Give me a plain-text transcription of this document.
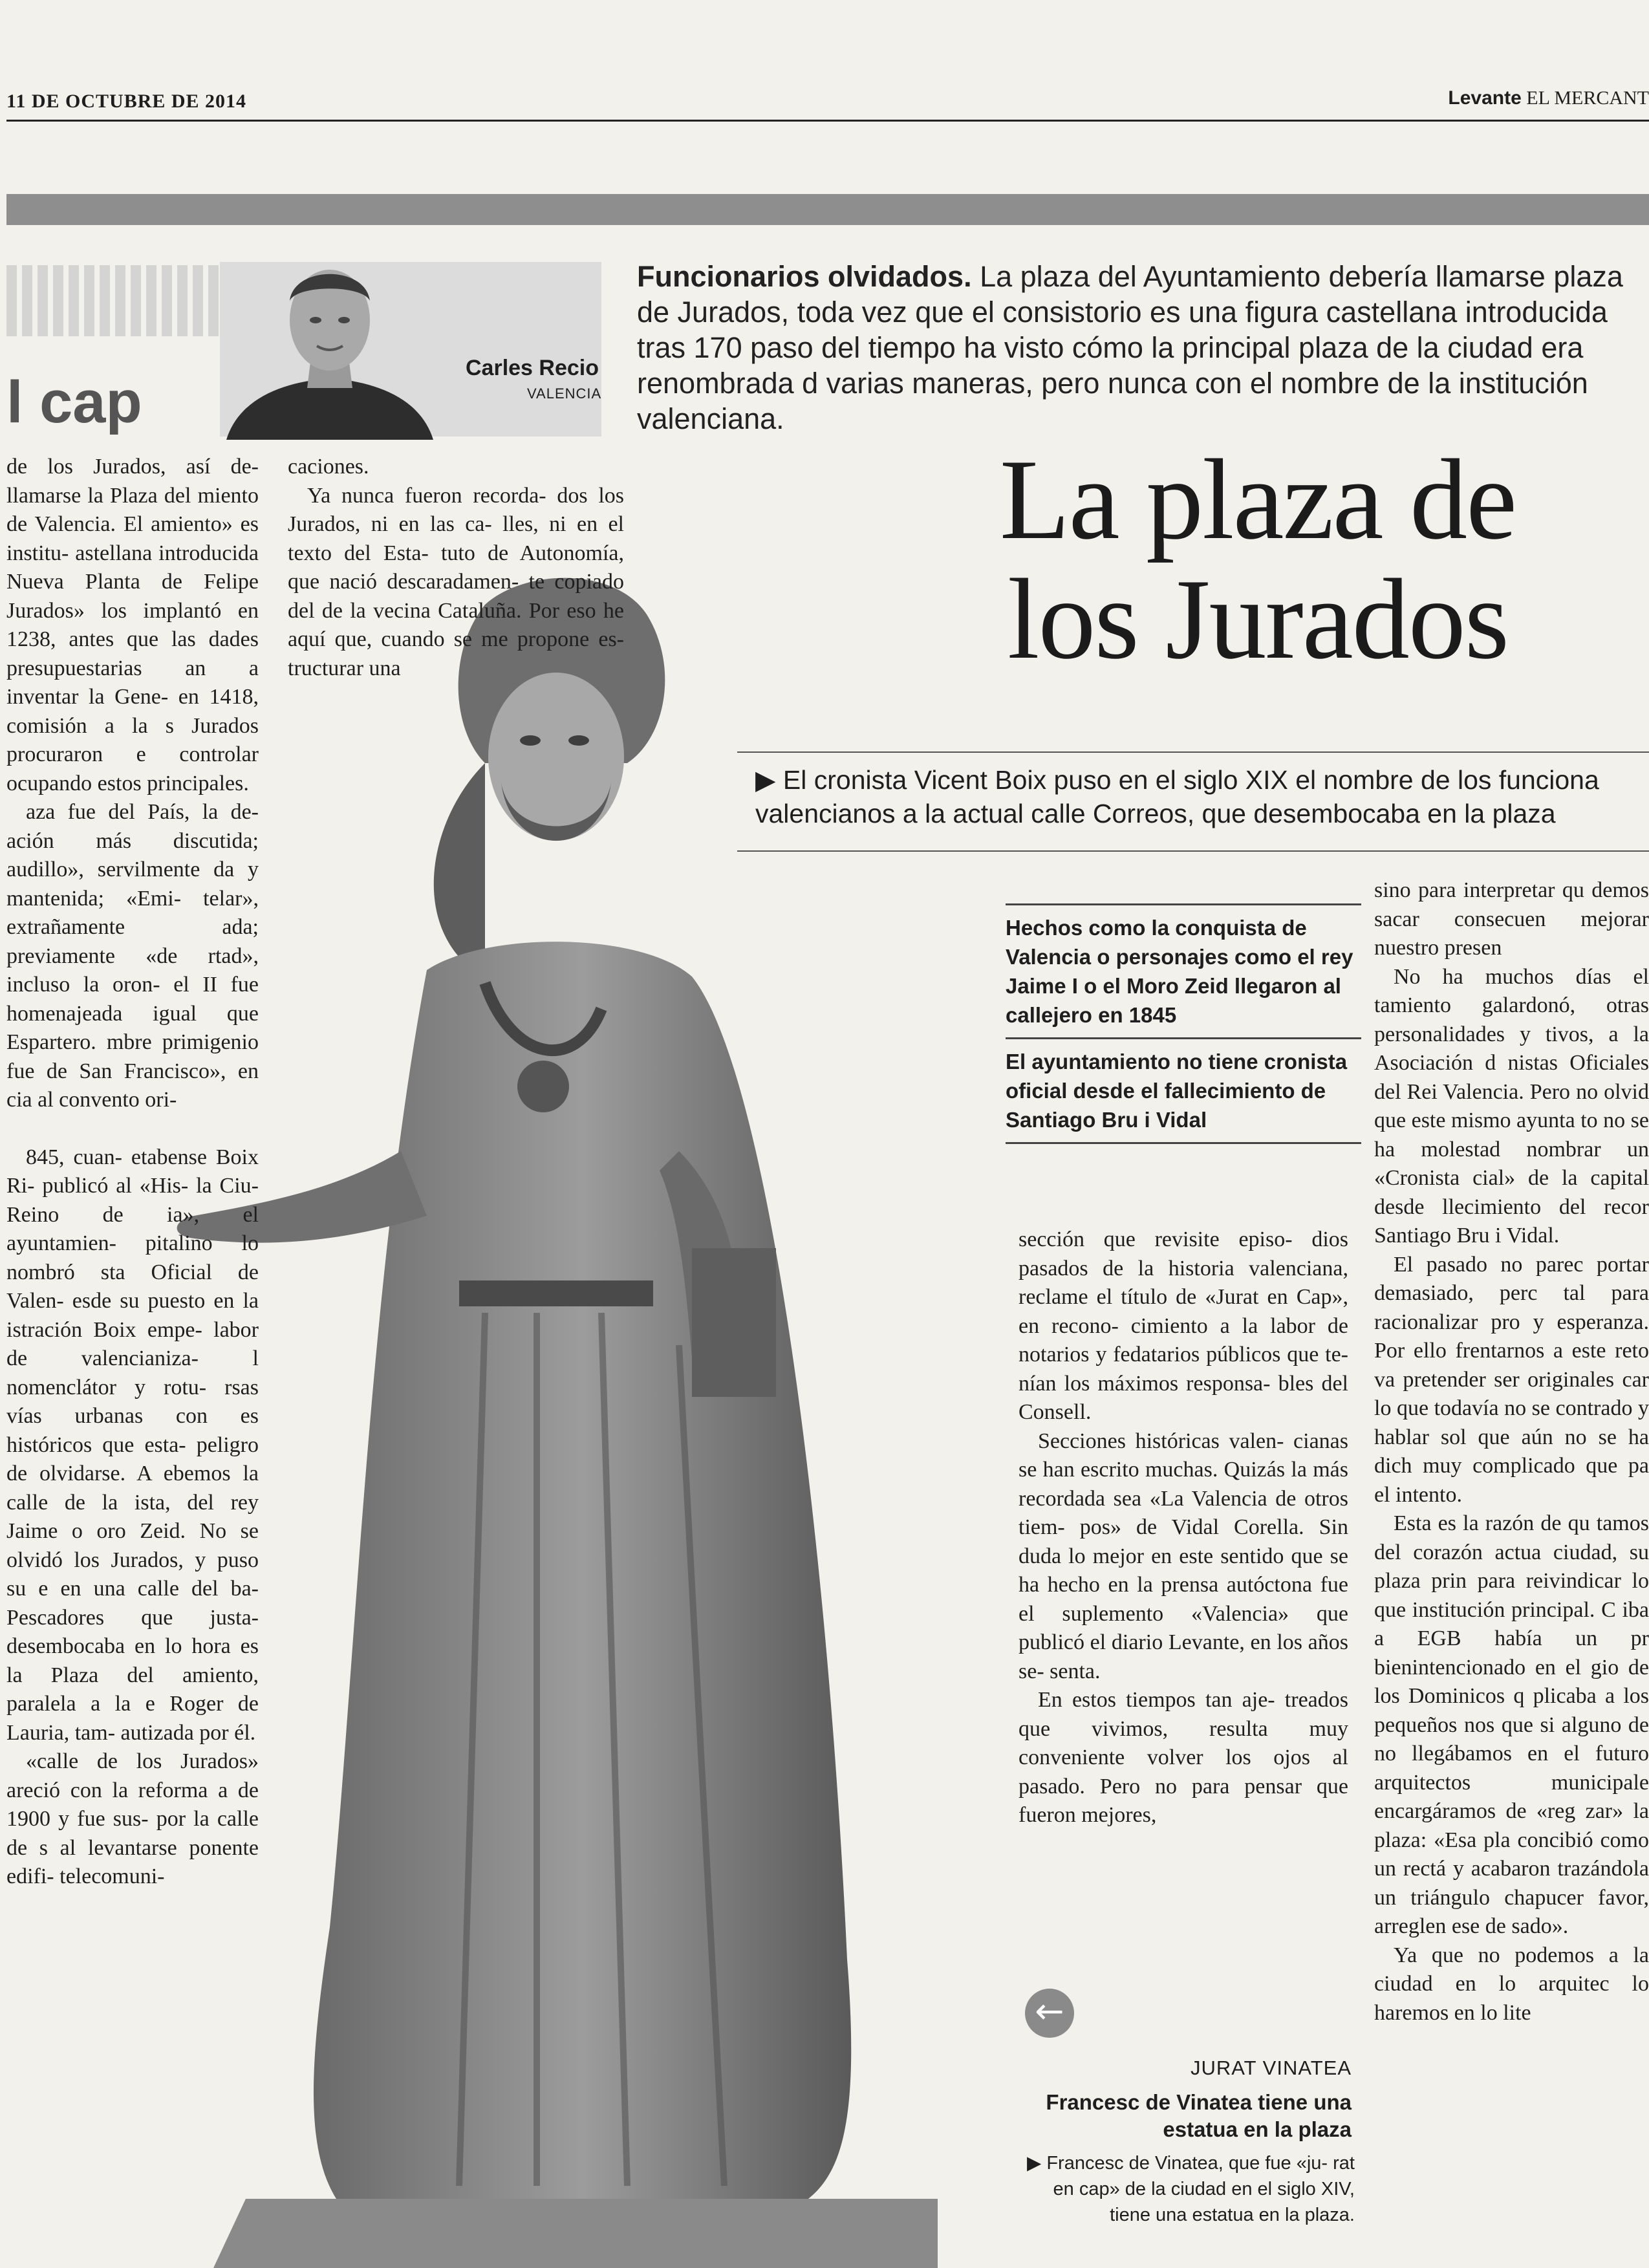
11 DE OCTUBRE DE 2014	Levante EL MERCANT
l cap
Carles Recio
VALENCIA
Funcionarios olvidados. La plaza del Ayuntamiento debería llamarse plaza de Jurados, toda vez que el consistorio es una figura castellana introducida tras 170 paso del tiempo ha visto cómo la principal plaza de la ciudad era renombrada d varias maneras, pero nunca con el nombre de la institución valenciana.
La plaza de
los Jurados
▶ El cronista Vicent Boix puso en el siglo XIX el nombre de los funciona valencianos a la actual calle Correos, que desembocaba en la plaza

de los Jurados, así de- llamarse la Plaza del miento de Valencia. El amiento» es institu- astellana introducida Nueva Planta de Felipe Jurados» los implantó en 1238, antes que las dades presupuestarias an a inventar la Gene- en 1418, comisión a la s Jurados procuraron e controlar ocupando estos principales.

aza fue del País, la de- ación más discutida; audillo», servilmente da y mantenida; «Emi- telar», extrañamente ada; previamente «de rtad», incluso la oron- el II fue homenajeada igual que Espartero. mbre primigenio fue de San Francisco», en cia al convento ori-

845, cuan- etabense Boix Ri- publicó al «His- la Ciu- Reino de ia», el ayuntamien- pitalino lo nombró sta Oficial de Valen- esde su puesto en la istración Boix empe- labor de valencianiza- l nomenclátor y rotu- rsas vías urbanas con es históricos que esta- peligro de olvidarse. A ebemos la calle de la ista, del rey Jaime o oro Zeid. No se olvidó los Jurados, y puso su e en una calle del ba- Pescadores que justa- desembocaba en lo hora es la Plaza del amiento, paralela a la e Roger de Lauria, tam- autizada por él.

«calle de los Jurados» areció con la reforma a de 1900 y fue sus- por la calle de s al levantarse ponente edifi- telecomuni-

caciones.

Ya nunca fueron recorda- dos los Jurados, ni en las ca- lles, ni en el texto del Esta- tuto de Autonomía, que nació descaradamen- te copiado del de la vecina Cataluña. Por eso he aquí que, cuando se me propone es- tructurar una

Hechos como la conquista de Valencia o personajes como el rey Jaime I o el Moro Zeid llegaron al callejero en 1845

El ayuntamiento no tiene cronista oficial desde el fallecimiento de Santiago Bru i Vidal

sección que revisite episo- dios pasados de la historia valenciana, reclame el título de «Jurat en Cap», en recono- cimiento a la labor de notarios y fedatarios públicos que te- nían los máximos responsa- bles del Consell.

Secciones históricas valen- cianas se han escrito muchas. Quizás la más recordada sea «La Valencia de otros tiem- pos» de Vidal Corella. Sin duda lo mejor en este sentido que se ha hecho en la prensa autóctona fue el suplemento «Valencia» que publicó el diario Levante, en los años se- senta.

En estos tiempos tan aje- treados que vivimos, resulta muy conveniente volver los ojos al pasado. Pero no para pensar que fueron mejores,

sino para interpretar qu demos sacar consecuen mejorar nuestro presen

No ha muchos días el tamiento galardonó, otras personalidades y tivos, a la Asociación d nistas Oficiales del Rei Valencia. Pero no olvid que este mismo ayunta to no se ha molestad nombrar un «Cronista cial» de la capital desde llecimiento del recor Santiago Bru i Vidal.

El pasado no parec portar demasiado, perc tal para racionalizar pro y esperanza. Por ello frentarnos a este reto va pretender ser originales car lo que todavía no se contrado y hablar sol que aún no se ha dich muy complicado que pa el intento.

Esta es la razón de qu tamos del corazón actua ciudad, su plaza prin para reivindicar lo que institución principal. C iba a EGB había un pr bienintencionado en el gio de los Dominicos q plicaba a los pequeños nos que si alguno de no llegábamos en el futuro arquitectos municipale encargáramos de «reg zar» la plaza: «Esa pla concibió como un rectá y acabaron trazándola un triángulo chapucer favor, arreglen ese de sado».

Ya que no podemos a la ciudad en lo arquitec lo haremos en lo lite

←
JURAT VINATEA
Francesc de Vinatea tiene una estatua en la plaza
▶ Francesc de Vinatea, que fue «ju- rat en cap» de la ciudad en el siglo XIV, tiene una estatua en la plaza.
